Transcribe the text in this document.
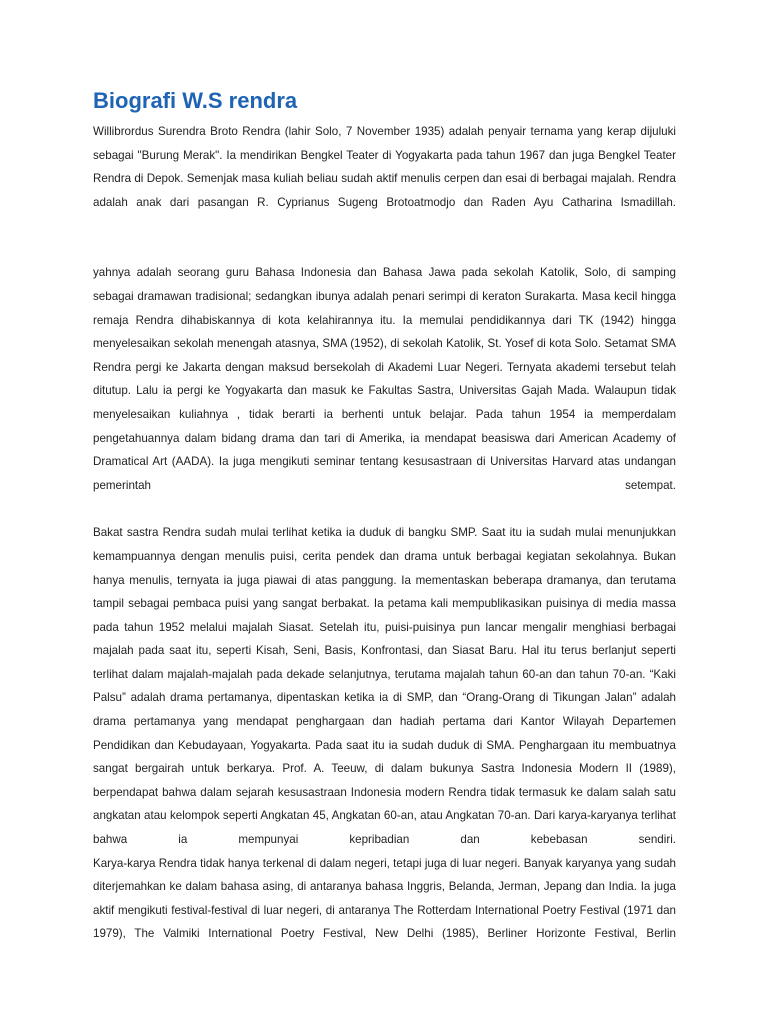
Biografi W.S rendra

Willibrordus Surendra Broto Rendra (lahir Solo, 7 November 1935) adalah penyair ternama yang kerap dijuluki sebagai "Burung Merak". Ia mendirikan Bengkel Teater di Yogyakarta pada tahun 1967 dan juga Bengkel Teater Rendra di Depok. Semenjak masa kuliah beliau sudah aktif menulis cerpen dan esai di berbagai majalah. Rendra adalah anak dari pasangan R. Cyprianus Sugeng Brotoatmodjo dan Raden Ayu Catharina Ismadillah.

yahnya adalah seorang guru Bahasa Indonesia dan Bahasa Jawa pada sekolah Katolik, Solo, di samping sebagai dramawan tradisional; sedangkan ibunya adalah penari serimpi di keraton Surakarta. Masa kecil hingga remaja Rendra dihabiskannya di kota kelahirannya itu. Ia memulai pendidikannya dari TK (1942) hingga menyelesaikan sekolah menengah atasnya, SMA (1952), di sekolah Katolik, St. Yosef di kota Solo. Setamat SMA Rendra pergi ke Jakarta dengan maksud bersekolah di Akademi Luar Negeri. Ternyata akademi tersebut telah ditutup. Lalu ia pergi ke Yogyakarta dan masuk ke Fakultas Sastra, Universitas Gajah Mada. Walaupun tidak menyelesaikan kuliahnya , tidak berarti ia berhenti untuk belajar. Pada tahun 1954 ia memperdalam pengetahuannya dalam bidang drama dan tari di Amerika, ia mendapat beasiswa dari American Academy of Dramatical Art (AADA). Ia juga mengikuti seminar tentang kesusastraan di Universitas Harvard atas undangan pemerintah setempat.

Bakat sastra Rendra sudah mulai terlihat ketika ia duduk di bangku SMP. Saat itu ia sudah mulai menunjukkan kemampuannya dengan menulis puisi, cerita pendek dan drama untuk berbagai kegiatan sekolahnya. Bukan hanya menulis, ternyata ia juga piawai di atas panggung. Ia mementaskan beberapa dramanya, dan terutama tampil sebagai pembaca puisi yang sangat berbakat. Ia petama kali mempublikasikan puisinya di media massa pada tahun 1952 melalui majalah Siasat. Setelah itu, puisi-puisinya pun lancar mengalir menghiasi berbagai majalah pada saat itu, seperti Kisah, Seni, Basis, Konfrontasi, dan Siasat Baru. Hal itu terus berlanjut seperti terlihat dalam majalah-majalah pada dekade selanjutnya, terutama majalah tahun 60-an dan tahun 70-an. “Kaki Palsu” adalah drama pertamanya, dipentaskan ketika ia di SMP, dan “Orang-Orang di Tikungan Jalan” adalah drama pertamanya yang mendapat penghargaan dan hadiah pertama dari Kantor Wilayah Departemen Pendidikan dan Kebudayaan, Yogyakarta. Pada saat itu ia sudah duduk di SMA. Penghargaan itu membuatnya sangat bergairah untuk berkarya. Prof. A. Teeuw, di dalam bukunya Sastra Indonesia Modern II (1989), berpendapat bahwa dalam sejarah kesusastraan Indonesia modern Rendra tidak termasuk ke dalam salah satu angkatan atau kelompok seperti Angkatan 45, Angkatan 60-an, atau Angkatan 70-an. Dari karya-karyanya terlihat bahwa ia mempunyai kepribadian dan kebebasan sendiri.

Karya-karya Rendra tidak hanya terkenal di dalam negeri, tetapi juga di luar negeri. Banyak karyanya yang sudah diterjemahkan ke dalam bahasa asing, di antaranya bahasa Inggris, Belanda, Jerman, Jepang dan India. Ia juga aktif mengikuti festival-festival di luar negeri, di antaranya The Rotterdam International Poetry Festival (1971 dan 1979), The Valmiki International Poetry Festival, New Delhi (1985), Berliner Horizonte Festival, Berlin
